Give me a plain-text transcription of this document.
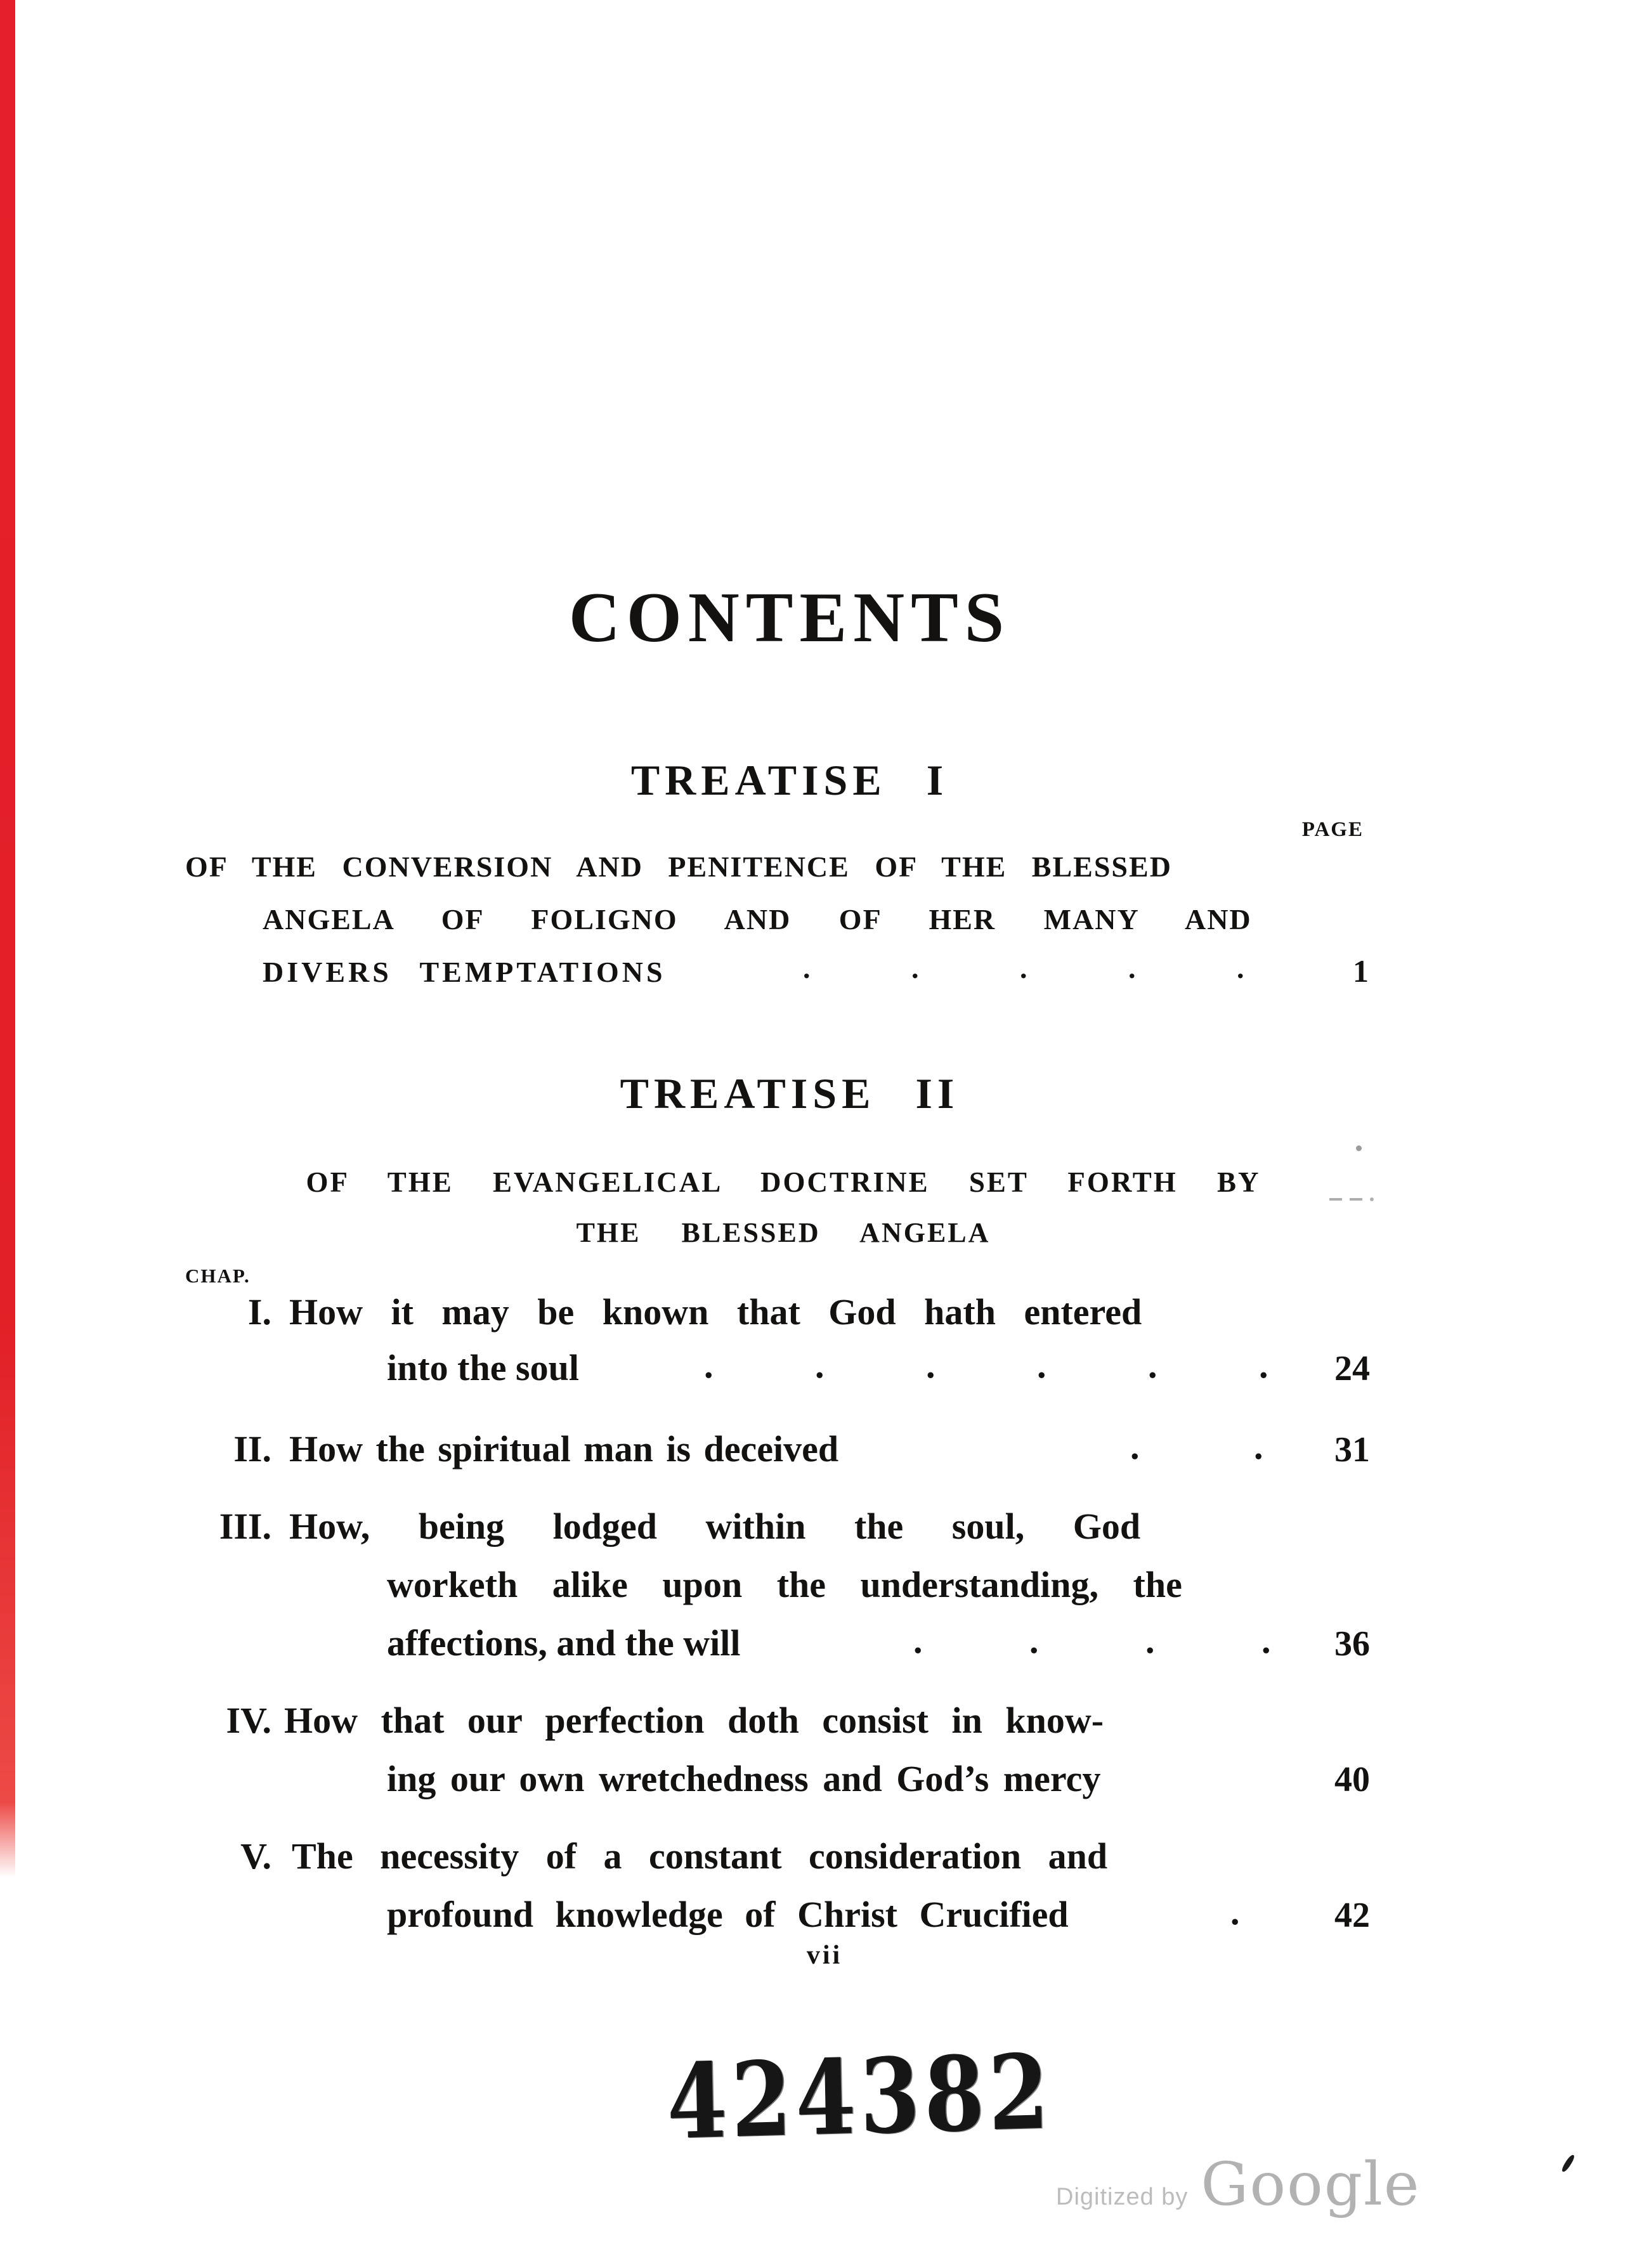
CONTENTS
TREATISE I
PAGE
OF THE CONVERSION AND PENITENCE OF THE BLESSED
ANGELA OF FOLIGNO AND OF HER MANY AND
DIVERS TEMPTATIONS	. . . . .	1
TREATISE II
OF THE EVANGELICAL DOCTRINE SET FORTH BY
THE BLESSED ANGELA
CHAP.
I. How it may be known that God hath entered
into the soul	. . . . . . 24
II. How the spiritual man is deceived	. . 31
III. How, being lodged within the soul, God
worketh alike upon the understanding, the
affections, and the will	. . . . 36
IV. How that our perfection doth consist in know-
ing our own wretchedness and God’s mercy	40
V. The necessity of a constant consideration and
profound knowledge of Christ Crucified	.	42
vii
424382
Digitized by Google
